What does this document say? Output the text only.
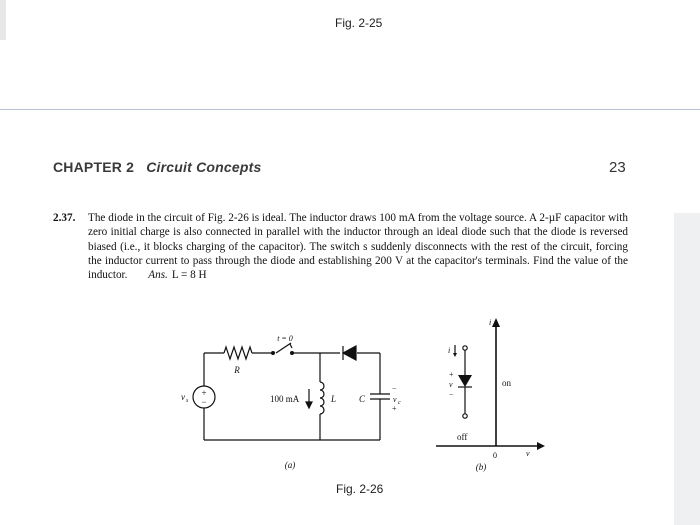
Fig. 2-25
CHAPTER 2 Circuit Concepts	23
2.37. The diode in the circuit of Fig. 2-26 is ideal. The inductor draws 100 mA from the voltage source. A 2-µF capacitor with zero initial charge is also connected in parallel with the inductor through an ideal diode such that the diode is reversed biased (i.e., it blocks charging of the capacitor). The switch s suddenly disconnects with the rest of the circuit, forcing the inductor current to pass through the diode and establishing 200 V at the capacitor's terminals. Find the value of the inductor. Ans. L = 8 H
t = 0
R
v s
+
−	100 mA	L	C
−
v c
+
(a)
i
+
v
−
i
on
off
0	v
(b)
Fig. 2-26
